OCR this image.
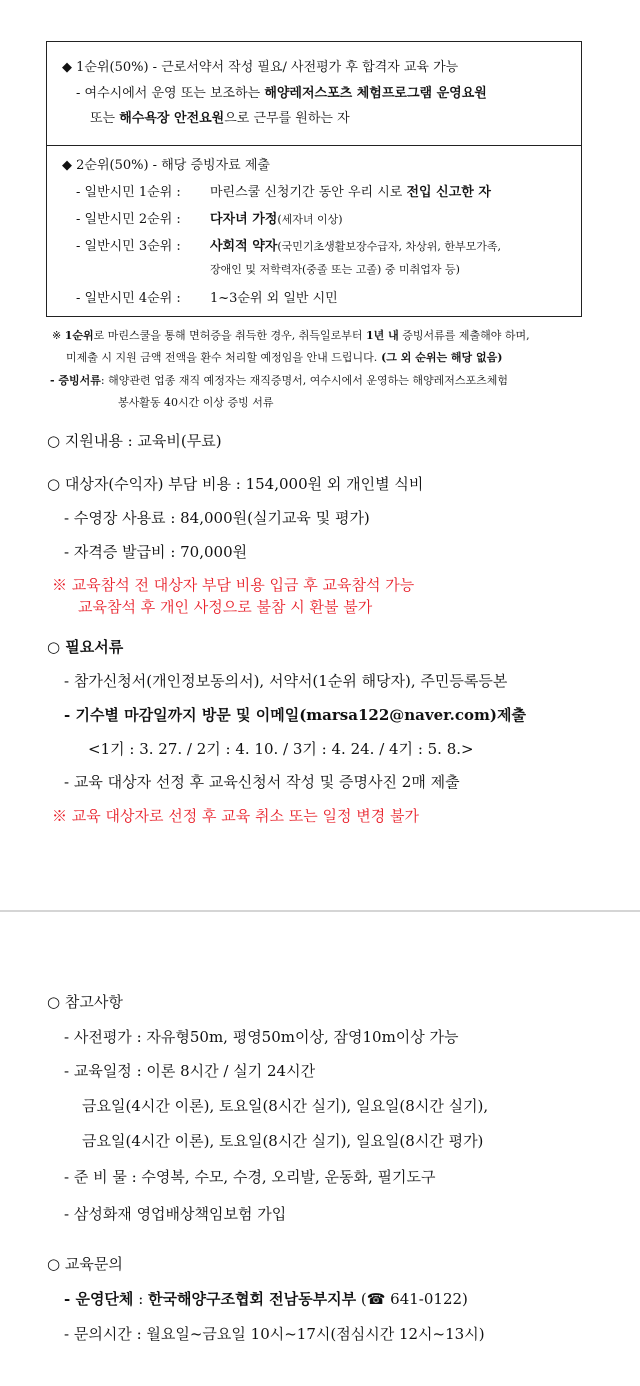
◆ 1순위(50%) - 근로서약서 작성 필요/ 사전평가 후 합격자 교육 가능
- 여수시에서 운영 또는 보조하는 해양레저스포츠 체험프로그램 운영요원
또는 해수욕장 안전요원으로 근무를 원하는 자
◆ 2순위(50%) - 해당 증빙자료 제출
- 일반시민 1순위 : 마린스쿨 신청기간 동안 우리 시로 전입 신고한 자
- 일반시민 2순위 : 다자녀 가정(세자녀 이상)
- 일반시민 3순위 : 사회적 약자(국민기초생활보장수급자, 차상위, 한부모가족,
장애인 및 저학력자(중졸 또는 고졸) 중 미취업자 등)
- 일반시민 4순위 : 1~3순위 외 일반 시민
※ 1순위로 마린스쿨을 통해 면허증을 취득한 경우, 취득일로부터 1년 내 증빙서류를 제출해야 하며,
미제출 시 지원 금액 전액을 환수 처리할 예정임을 안내 드립니다. (그 외 순위는 해당 없음)
- 증빙서류: 해양관련 업종 재직 예정자는 재직증명서, 여수시에서 운영하는 해양레저스포츠체험
봉사활동 40시간 이상 증빙 서류
○ 지원내용 : 교육비(무료)
○ 대상자(수익자) 부담 비용 : 154,000원 외 개인별 식비
- 수영장 사용료 : 84,000원(실기교육 및 평가)
- 자격증 발급비 : 70,000원
※ 교육참석 전 대상자 부담 비용 입금 후 교육참석 가능
교육참석 후 개인 사정으로 불참 시 환불 불가
○ 필요서류
- 참가신청서(개인정보동의서), 서약서(1순위 해당자), 주민등록등본
- 기수별 마감일까지 방문 및 이메일(marsa122@naver.com)제출
<1기 : 3. 27. / 2기 : 4. 10. / 3기 : 4. 24. / 4기 : 5. 8.>
- 교육 대상자 선정 후 교육신청서 작성 및 증명사진 2매 제출
※ 교육 대상자로 선정 후 교육 취소 또는 일정 변경 불가
○ 참고사항
- 사전평가 : 자유형50m, 평영50m이상, 잠영10m이상 가능
- 교육일정 : 이론 8시간 / 실기 24시간
금요일(4시간 이론), 토요일(8시간 실기), 일요일(8시간 실기),
금요일(4시간 이론), 토요일(8시간 실기), 일요일(8시간 평가)
- 준 비 물 : 수영복, 수모, 수경, 오리발, 운동화, 필기도구
- 삼성화재 영업배상책임보험 가입
○ 교육문의
- 운영단체 : 한국해양구조협회 전남동부지부 (☎ 641-0122)
- 문의시간 : 월요일~금요일 10시~17시(점심시간 12시~13시)
